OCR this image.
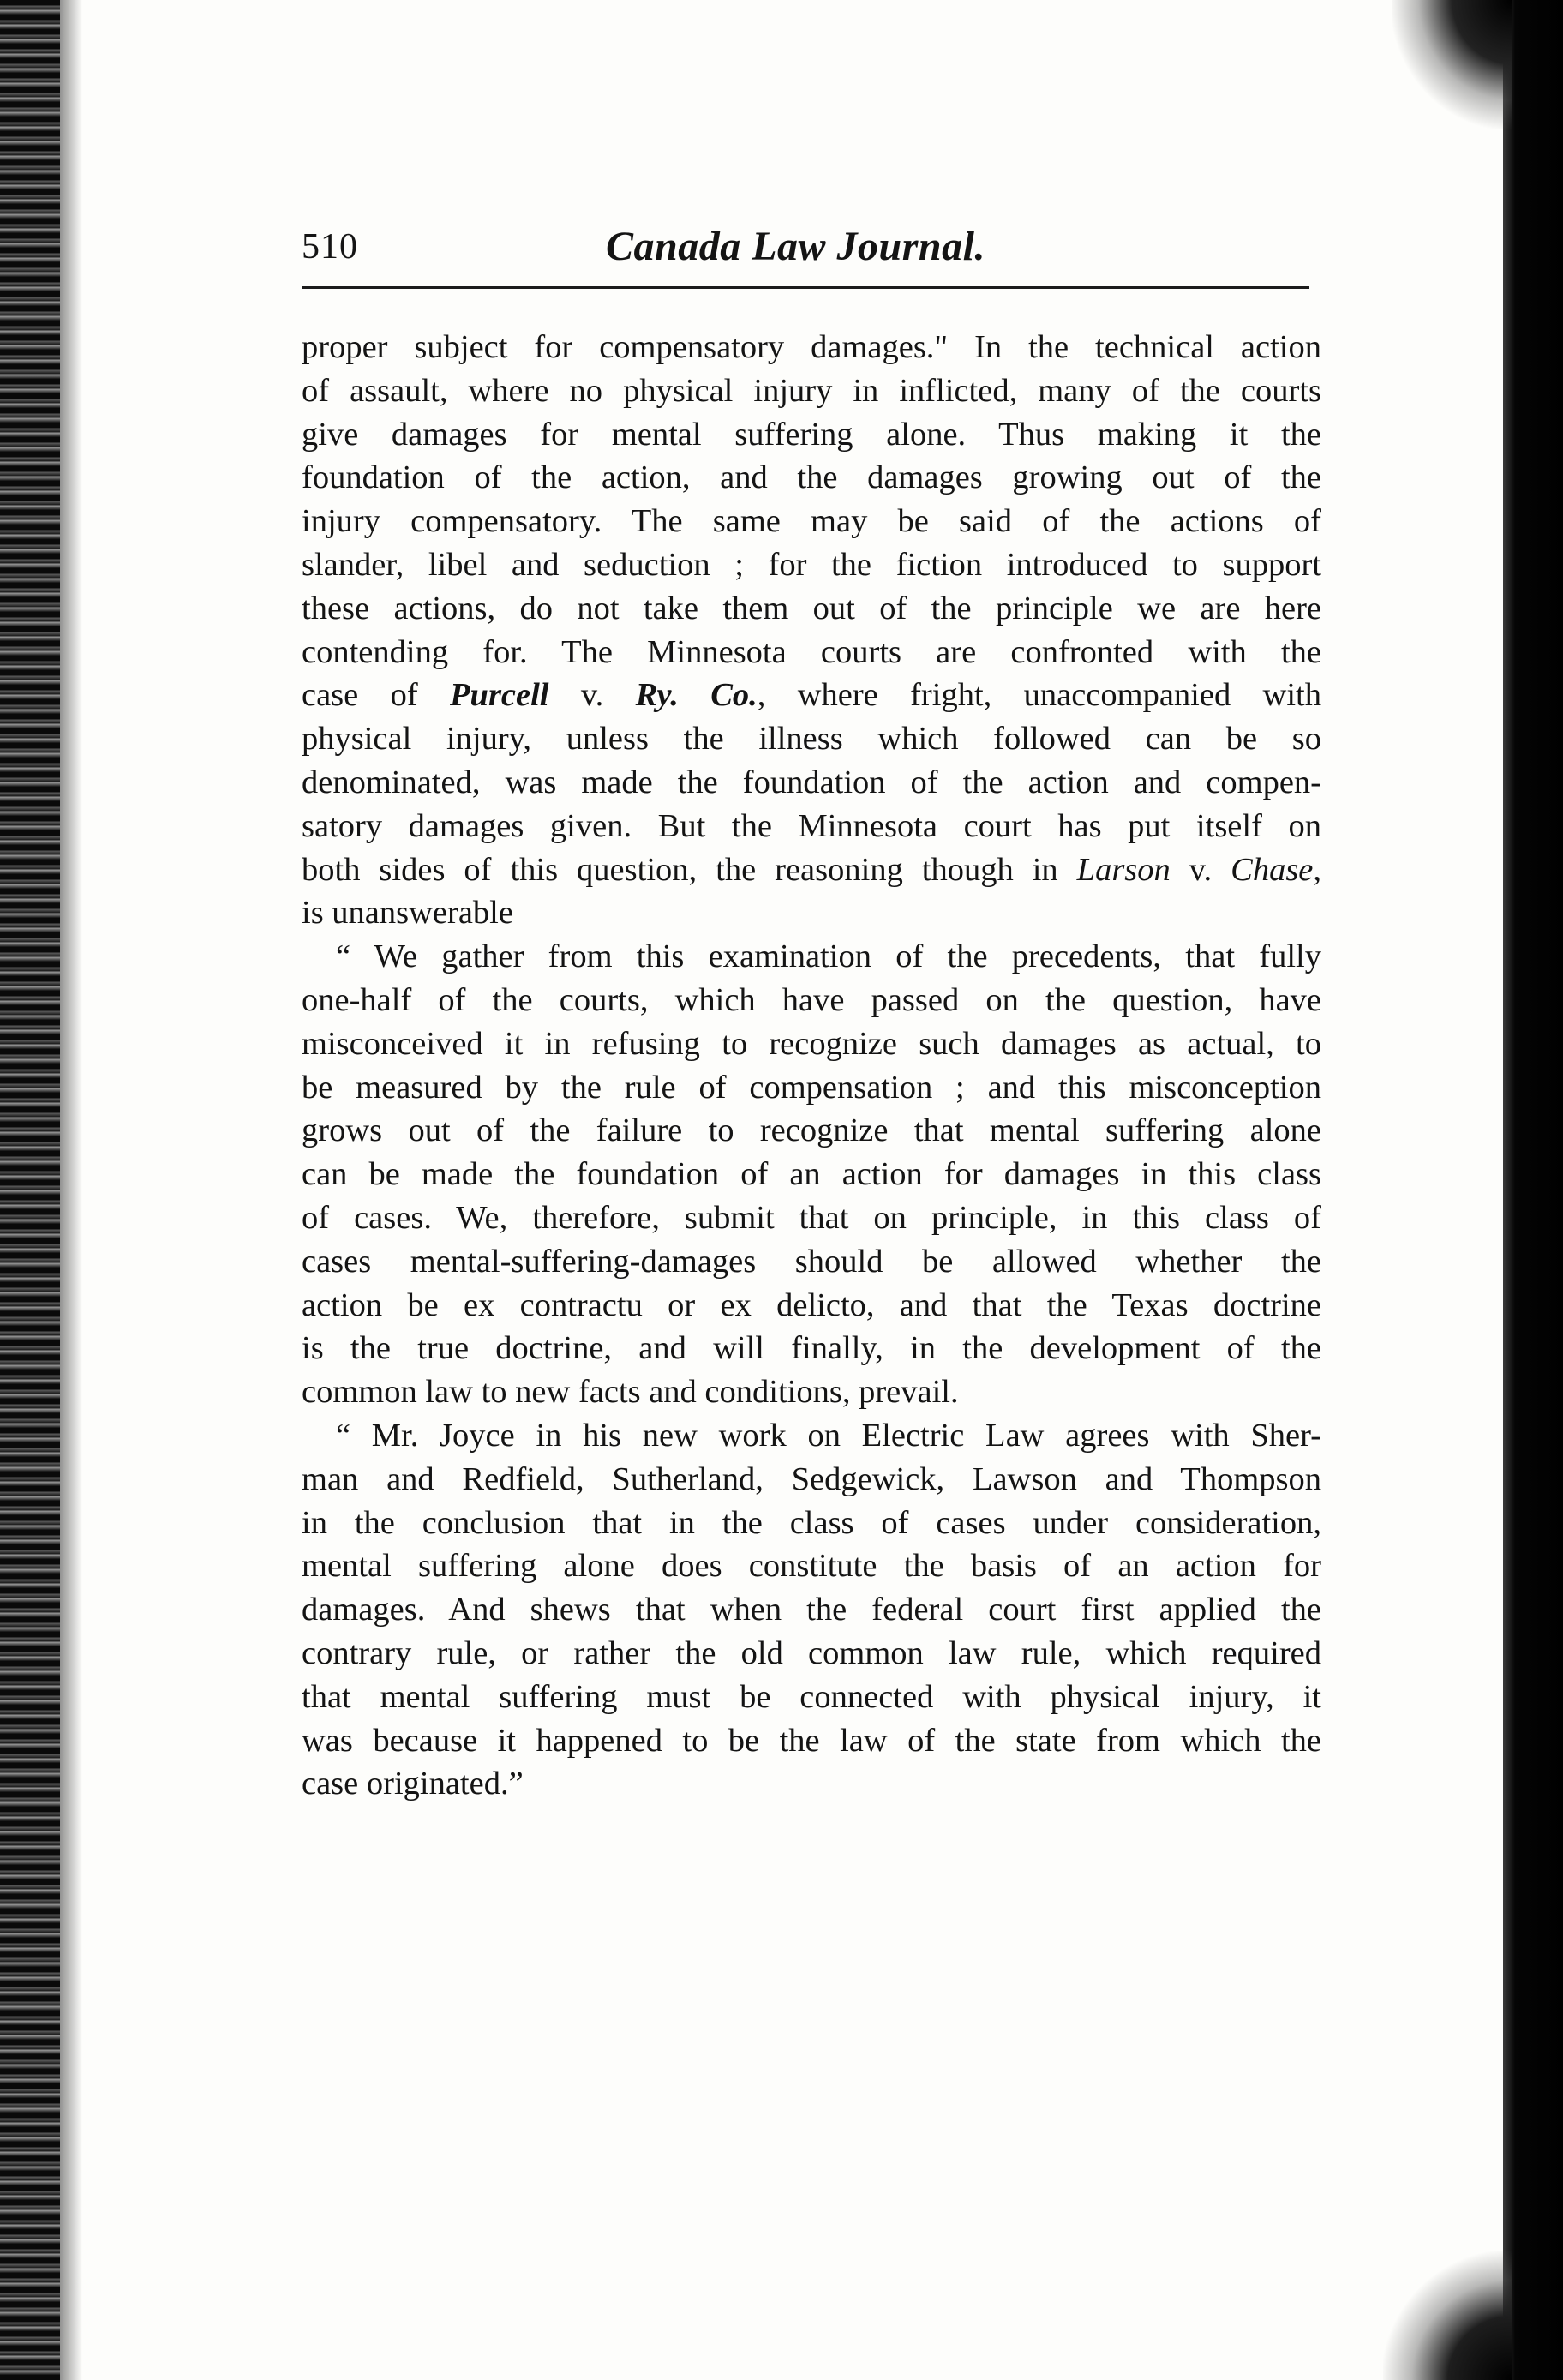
510	Canada Law Journal.
proper subject for compensatory damages." In the technical action
of assault, where no physical injury in inflicted, many of the courts
give damages for mental suffering alone. Thus making it the
foundation of the action, and the damages growing out of the
injury compensatory. The same may be said of the actions of
slander, libel and seduction ; for the fiction introduced to support
these actions, do not take them out of the principle we are here
contending for. The Minnesota courts are confronted with the
case of Purcell v. Ry. Co., where fright, unaccompanied with
physical injury, unless the illness which followed can be so
denominated, was made the foundation of the action and compen-
satory damages given. But the Minnesota court has put itself on
both sides of this question, the reasoning though in Larson v. Chase,
is unanswerable
“ We gather from this examination of the precedents, that fully
one-half of the courts, which have passed on the question, have
misconceived it in refusing to recognize such damages as actual, to
be measured by the rule of compensation ; and this misconception
grows out of the failure to recognize that mental suffering alone
can be made the foundation of an action for damages in this class
of cases. We, therefore, submit that on principle, in this class of
cases mental-suffering-damages should be allowed whether the
action be ex contractu or ex delicto, and that the Texas doctrine
is the true doctrine, and will finally, in the development of the
common law to new facts and conditions, prevail.
“ Mr. Joyce in his new work on Electric Law agrees with Sher-
man and Redfield, Sutherland, Sedgewick, Lawson and Thompson
in the conclusion that in the class of cases under consideration,
mental suffering alone does constitute the basis of an action for
damages. And shews that when the federal court first applied the
contrary rule, or rather the old common law rule, which required
that mental suffering must be connected with physical injury, it
was because it happened to be the law of the state from which the
case originated.”
